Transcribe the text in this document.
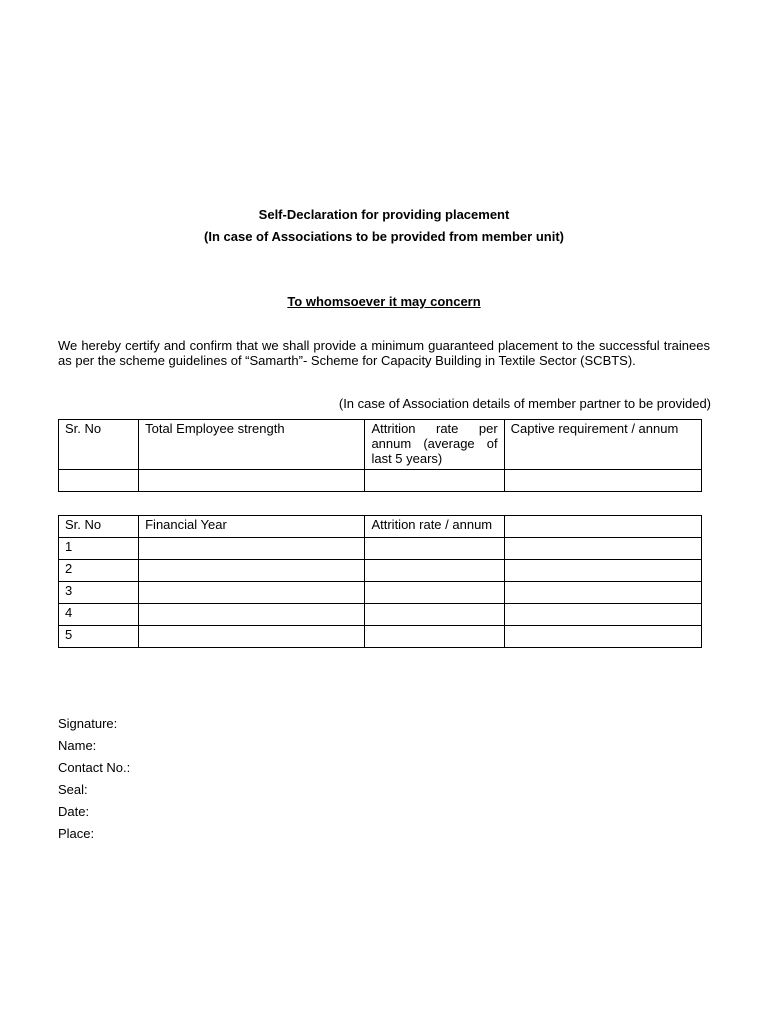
Self-Declaration for providing placement
(In case of Associations to be provided from member unit)
To whomsoever it may concern
We hereby certify and confirm that we shall provide a minimum guaranteed placement to the successful trainees as per the scheme guidelines of “Samarth”- Scheme for Capacity Building in Textile Sector (SCBTS).
(In case of Association details of member partner to be provided)
Sr. No	Total Employee strength	Attrition rate per annum (average of last 5 years)	Captive requirement / annum

Sr. No	Financial Year	Attrition rate / annum	
1			
2			
3			
4			
5			
Signature:
Name:
Contact No.:
Seal:
Date:
Place:
